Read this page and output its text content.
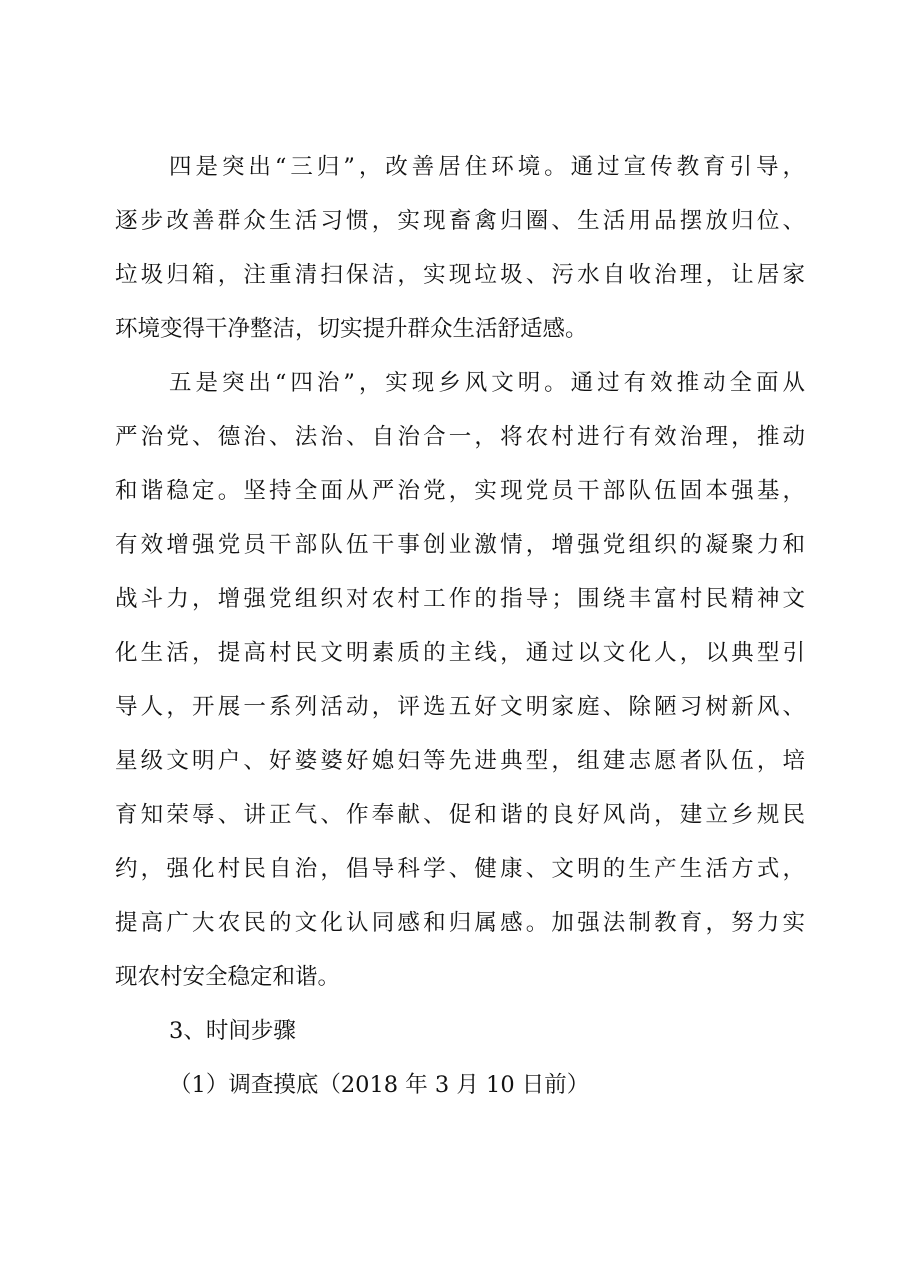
四是突出“三归”，改善居住环境。通过宣传教育引导，
逐步改善群众生活习惯，实现畜禽归圈、生活用品摆放归位、
垃圾归箱，注重清扫保洁，实现垃圾、污水自收治理，让居家
环境变得干净整洁，切实提升群众生活舒适感。
五是突出“四治”，实现乡风文明。通过有效推动全面从
严治党、德治、法治、自治合一，将农村进行有效治理，推动
和谐稳定。坚持全面从严治党，实现党员干部队伍固本强基，
有效增强党员干部队伍干事创业激情，增强党组织的凝聚力和
战斗力，增强党组织对农村工作的指导；围绕丰富村民精神文
化生活，提高村民文明素质的主线，通过以文化人，以典型引
导人，开展一系列活动，评选五好文明家庭、除陋习树新风、
星级文明户、好婆婆好媳妇等先进典型，组建志愿者队伍，培
育知荣辱、讲正气、作奉献、促和谐的良好风尚，建立乡规民
约，强化村民自治，倡导科学、健康、文明的生产生活方式，
提高广大农民的文化认同感和归属感。加强法制教育，努力实
现农村安全稳定和谐。
3、时间步骤
（1）调查摸底（2018 年 3 月 10 日前）
